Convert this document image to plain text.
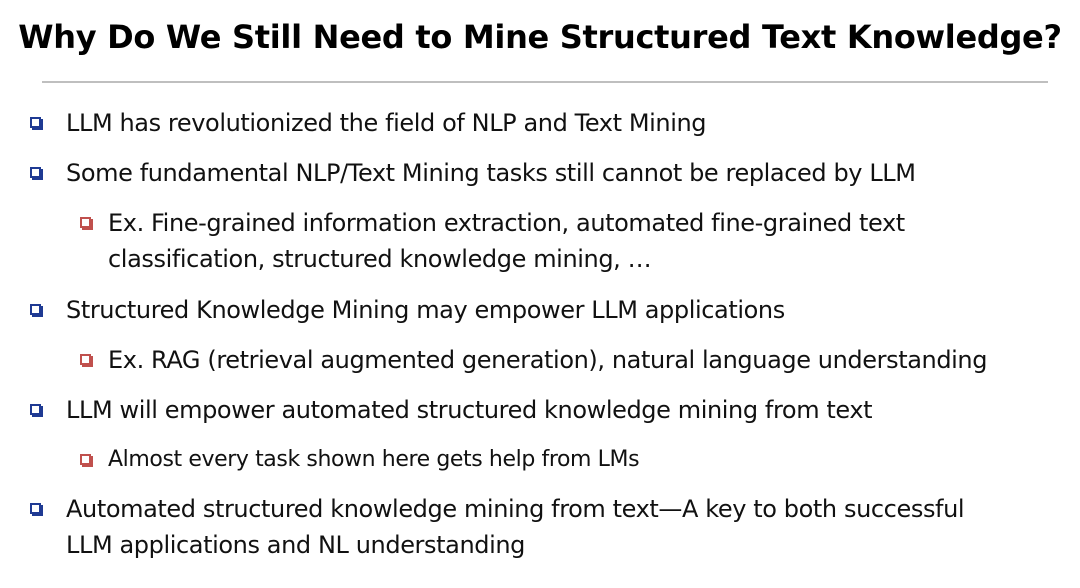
Why Do We Still Need to Mine Structured Text Knowledge?
LLM has revolutionized the field of NLP and Text Mining
Some fundamental NLP/Text Mining tasks still cannot be replaced by LLM
Ex. Fine-grained information extraction, automated fine-grained text
classification, structured knowledge mining, …
Structured Knowledge Mining may empower LLM applications
Ex. RAG (retrieval augmented generation), natural language understanding
LLM will empower automated structured knowledge mining from text
Almost every task shown here gets help from LMs
Automated structured knowledge mining from text—A key to both successful
LLM applications and NL understanding
